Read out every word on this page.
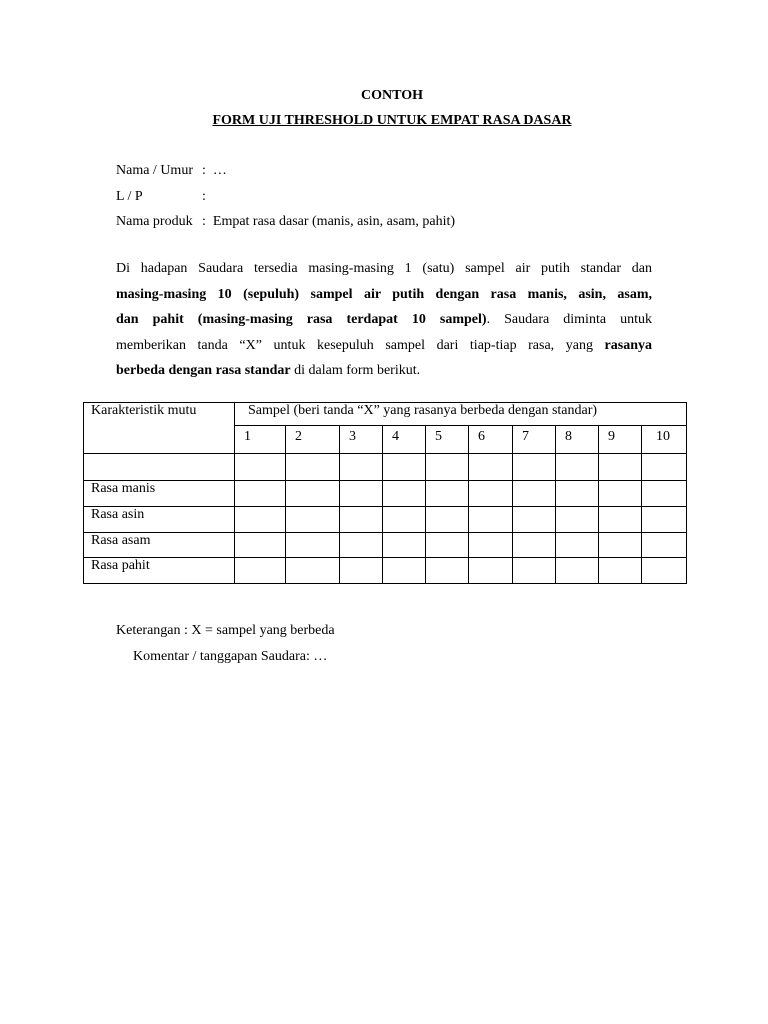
CONTOH
FORM UJI THRESHOLD UNTUK EMPAT RASA DASAR
Nama / Umur : …
L / P	:
Nama produk : Empat rasa dasar (manis, asin, asam, pahit)
Di hadapan Saudara tersedia masing-masing 1 (satu) sampel air putih standar dan
masing-masing 10 (sepuluh) sampel air putih dengan rasa manis, asin, asam,
dan pahit (masing-masing rasa terdapat 10 sampel). Saudara diminta untuk
memberikan tanda “X” untuk kesepuluh sampel dari tiap-tiap rasa, yang rasanya
berbeda dengan rasa standar di dalam form berikut.
Karakteristik mutu	Sampel (beri tanda “X” yang rasanya berbeda dengan standar)									
	1	2	3	4	5	6	7	8	9	10

Rasa manis										
Rasa asin										
Rasa asam										
Rasa pahit										
Keterangan : X = sampel yang berbeda
Komentar / tanggapan Saudara: …
